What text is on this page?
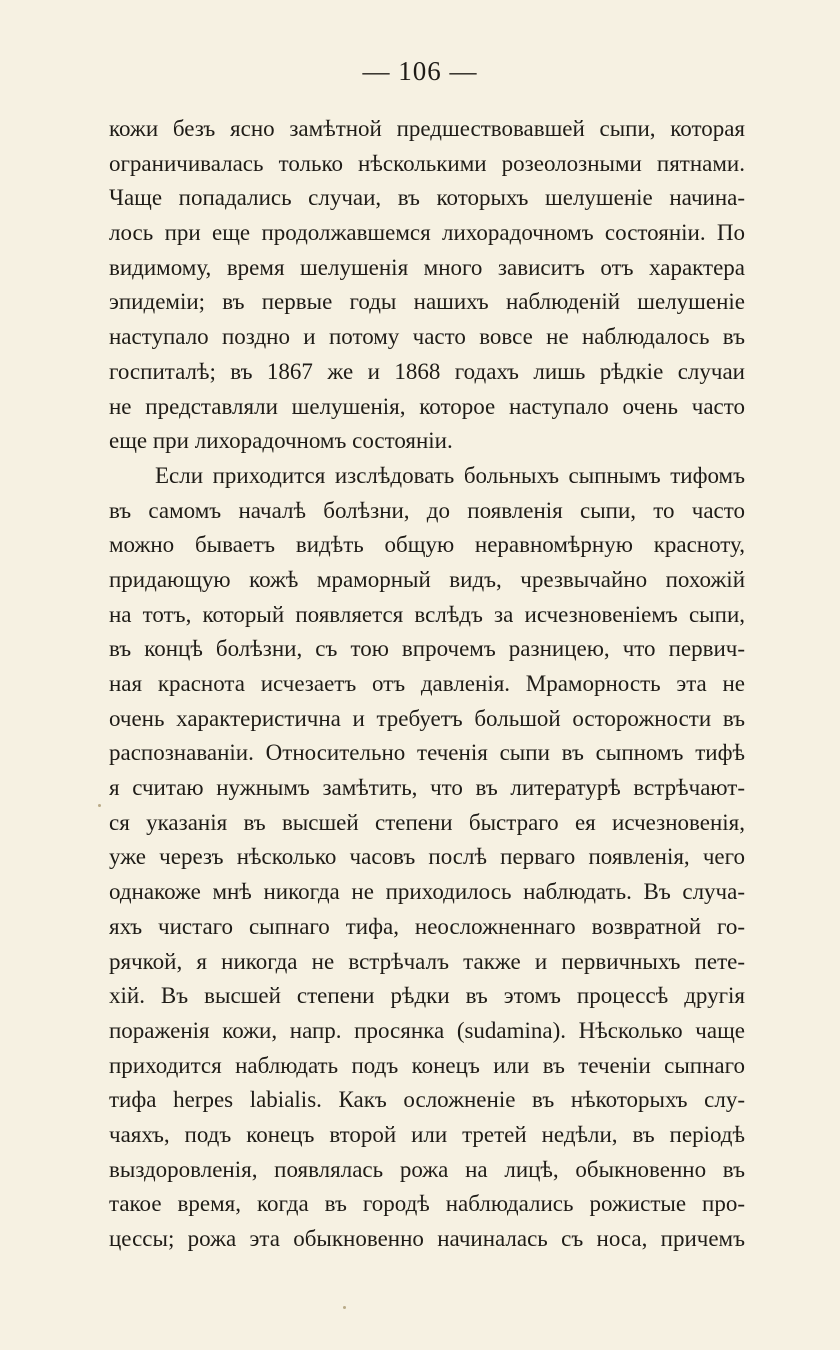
— 106 —
кожи безъ ясно замѣтной предшествовавшей сыпи, которая
ограничивалась только нѣсколькими розеолозными пятнами.
Чаще попадались случаи, въ которыхъ шелушеніе начина-
лось при еще продолжавшемся лихорадочномъ состояніи. По
видимому, время шелушенія много зависитъ отъ характера
эпидеміи; въ первые годы нашихъ наблюденій шелушеніе
наступало поздно и потому часто вовсе не наблюдалось въ
госпиталѣ; въ 1867 же и 1868 годахъ лишь рѣдкіе случаи
не представляли шелушенія, которое наступало очень часто
еще при лихорадочномъ состояніи.
Если приходится изслѣдовать больныхъ сыпнымъ тифомъ
въ самомъ началѣ болѣзни, до появленія сыпи, то часто
можно бываетъ видѣть общую неравномѣрную красноту,
придающую кожѣ мраморный видъ, чрезвычайно похожій
на тотъ, который появляется вслѣдъ за исчезновеніемъ сыпи,
въ концѣ болѣзни, съ тою впрочемъ разницею, что первич-
ная краснота исчезаетъ отъ давленія. Мраморность эта не
очень характеристична и требуетъ большой осторожности въ
распознаваніи. Относительно теченія сыпи въ сыпномъ тифѣ
я считаю нужнымъ замѣтить, что въ литературѣ встрѣчают-
ся указанія въ высшей степени быстраго ея исчезновенія,
уже черезъ нѣсколько часовъ послѣ перваго появленія, чего
однакоже мнѣ никогда не приходилось наблюдать. Въ случа-
яхъ чистаго сыпнаго тифа, неосложненнаго возвратной го-
рячкой, я никогда не встрѣчалъ также и первичныхъ пете-
хій. Въ высшей степени рѣдки въ этомъ процессѣ другія
пораженія кожи, напр. просянка (sudamina). Нѣсколько чаще
приходится наблюдать подъ конецъ или въ теченіи сыпнаго
тифа herpes labialis. Какъ осложненіе въ нѣкоторыхъ слу-
чаяхъ, подъ конецъ второй или третей недѣли, въ періодѣ
выздоровленія, появлялась рожа на лицѣ, обыкновенно въ
такое время, когда въ городѣ наблюдались рожистые про-
цессы; рожа эта обыкновенно начиналась съ носа, причемъ
